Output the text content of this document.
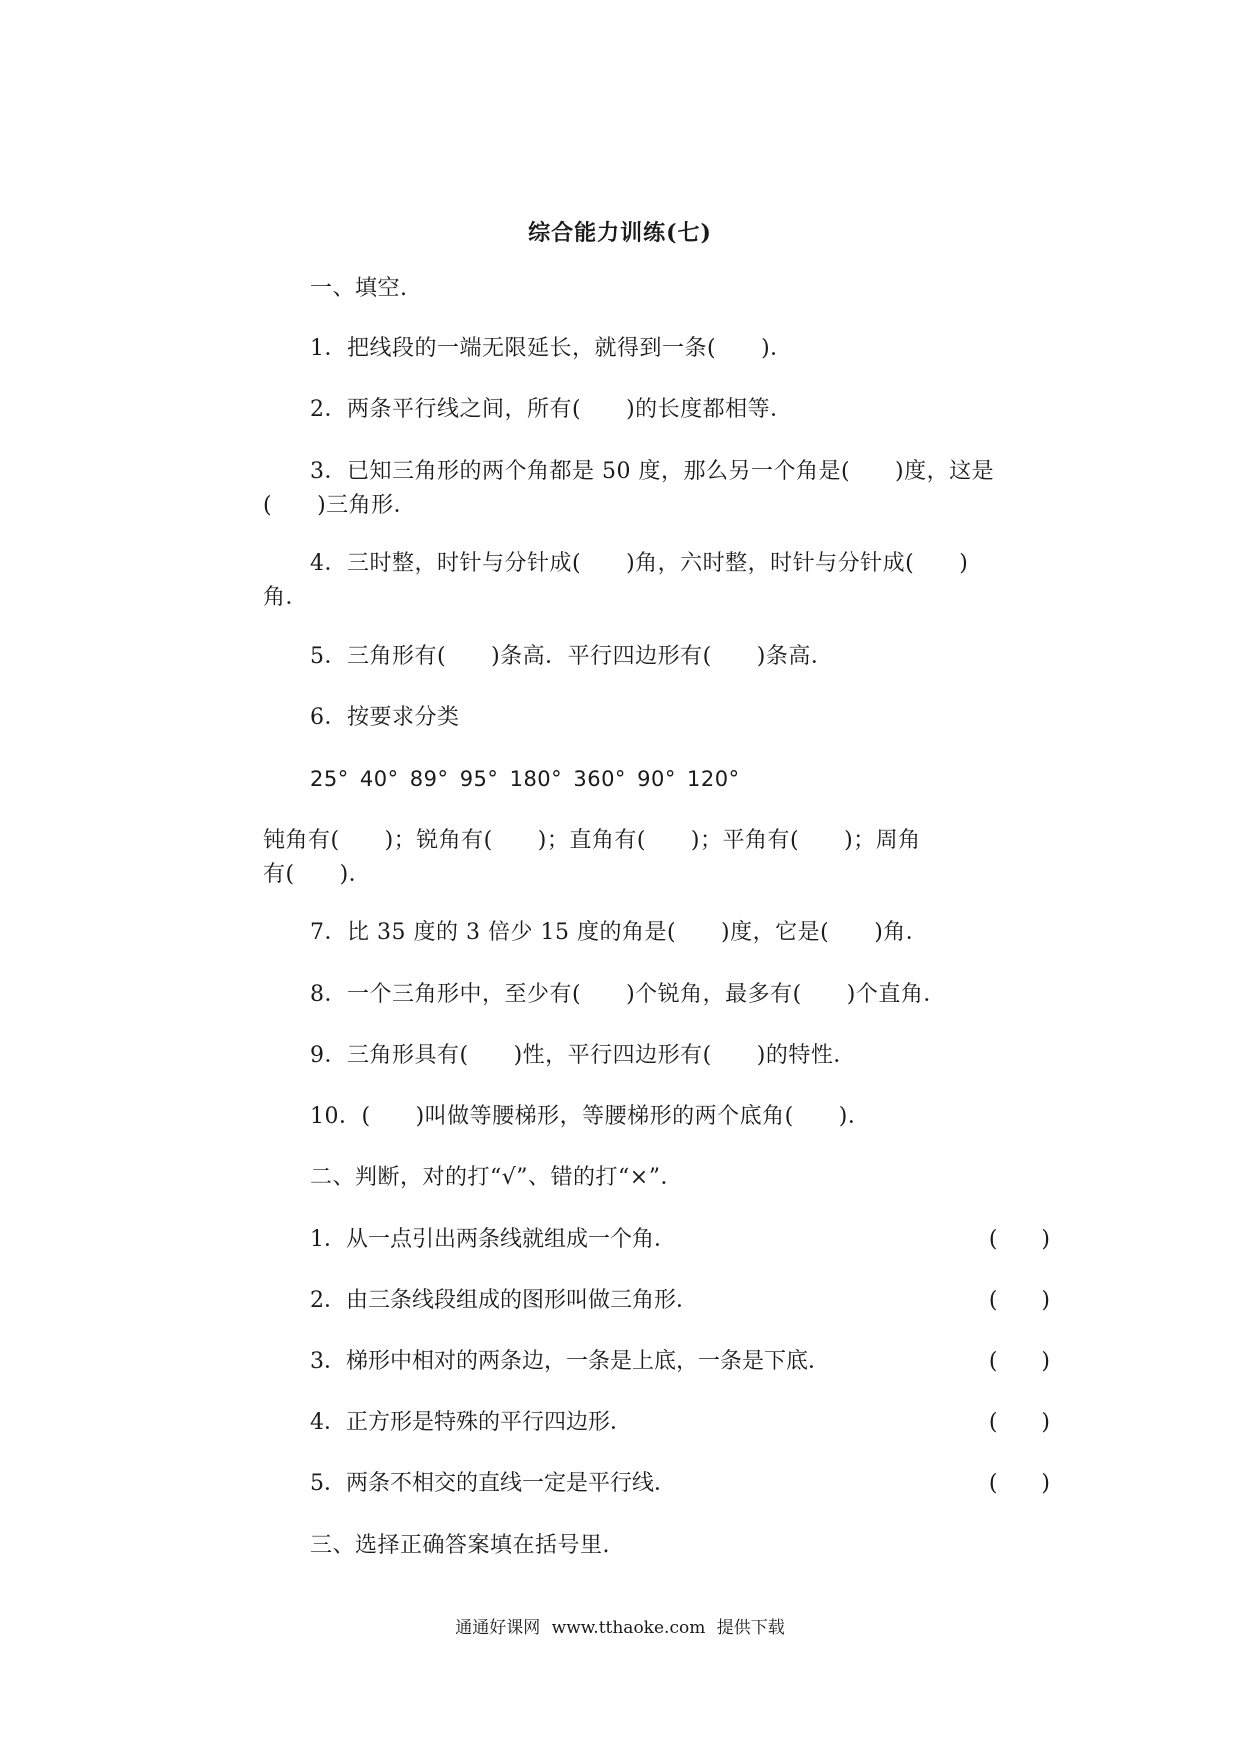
综合能力训练(七)
一、填空.
1．把线段的一端无限延长，就得到一条(　　)．
2．两条平行线之间，所有(　　)的长度都相等．
3．已知三角形的两个角都是 50 度，那么另一个角是(　　)度，这是
(　　)三角形．
4．三时整，时针与分针成(　　)角，六时整，时针与分针成(　　)
角．
5．三角形有(　　)条高．平行四边形有(　　)条高．
6．按要求分类
25° 40° 89° 95° 180° 360° 90° 120°
钝角有(　　)；锐角有(　　)；直角有(　　)；平角有(　　)；周角
有(　　)．
7．比 35 度的 3 倍少 15 度的角是(　　)度，它是(　　)角．
8．一个三角形中，至少有(　　)个锐角，最多有(　　)个直角．
9．三角形具有(　　)性，平行四边形有(　　)的特性．
10．(　　)叫做等腰梯形，等腰梯形的两个底角(　　)．
二、判断，对的打“√”、错的打“×”．
1．从一点引出两条线就组成一个角．	(　　)
2．由三条线段组成的图形叫做三角形．	(　　)
3．梯形中相对的两条边，一条是上底，一条是下底．	(　　)
4．正方形是特殊的平行四边形．	(　　)
5．两条不相交的直线一定是平行线．	(　　)
三、选择正确答案填在括号里.
通通好课网 www.tthaoke.com 提供下载
